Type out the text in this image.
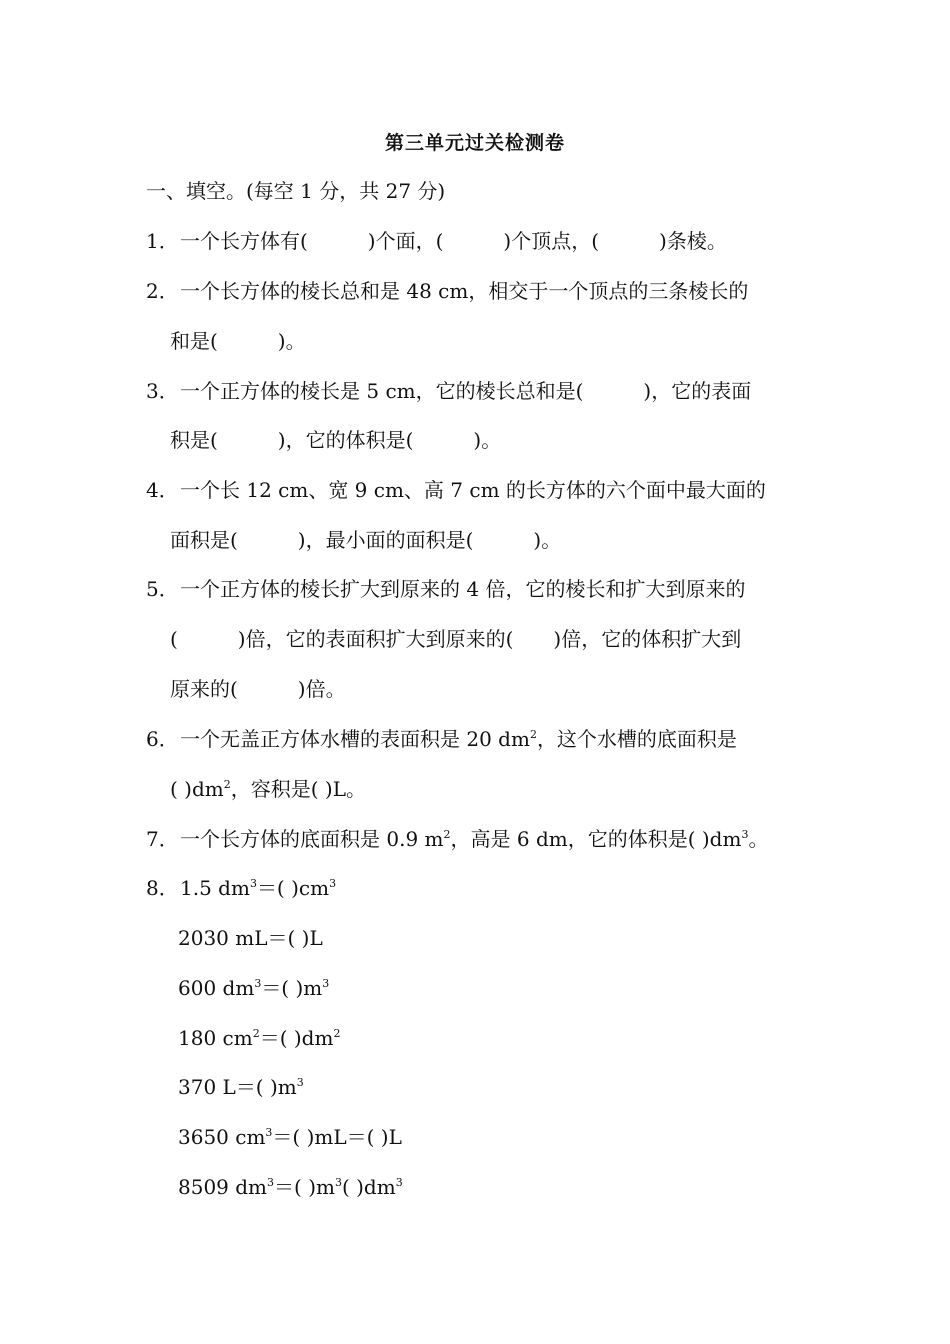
第三单元过关检测卷
一、填空。(每空 1 分，共 27 分)
1．一个长方体有(　　　)个面，(　　　)个顶点，(　　　)条棱。
2．一个长方体的棱长总和是 48 cm，相交于一个顶点的三条棱长的
和是(　　　)。
3．一个正方体的棱长是 5 cm，它的棱长总和是(　　　)，它的表面
积是(　　　)，它的体积是(　　　)。
4．一个长 12 cm、宽 9 cm、高 7 cm 的长方体的六个面中最大面的
面积是(　　　)，最小面的面积是(　　　)。
5．一个正方体的棱长扩大到原来的 4 倍，它的棱长和扩大到原来的
(　　　)倍，它的表面积扩大到原来的(　　)倍，它的体积扩大到
原来的(　　　)倍。
6．一个无盖正方体水槽的表面积是 20 $dm^2$，这个水槽的底面积是
( )$dm^2$，容积是( )L。
7．一个长方体的底面积是 0.9 $m^2$，高是 6 dm，它的体积是( )$dm^3$。
8．1.5 $dm^3=$( )$cm^3$
2030 mL＝( )L
600 $dm^3=$( )$m^3$
180 $cm^2=$( )$dm^2$
370 L＝( )$m^3$
3650 $cm^3=$( )mL＝( )L
8509 $dm^3=$( )$m^3$( )$dm^3$
